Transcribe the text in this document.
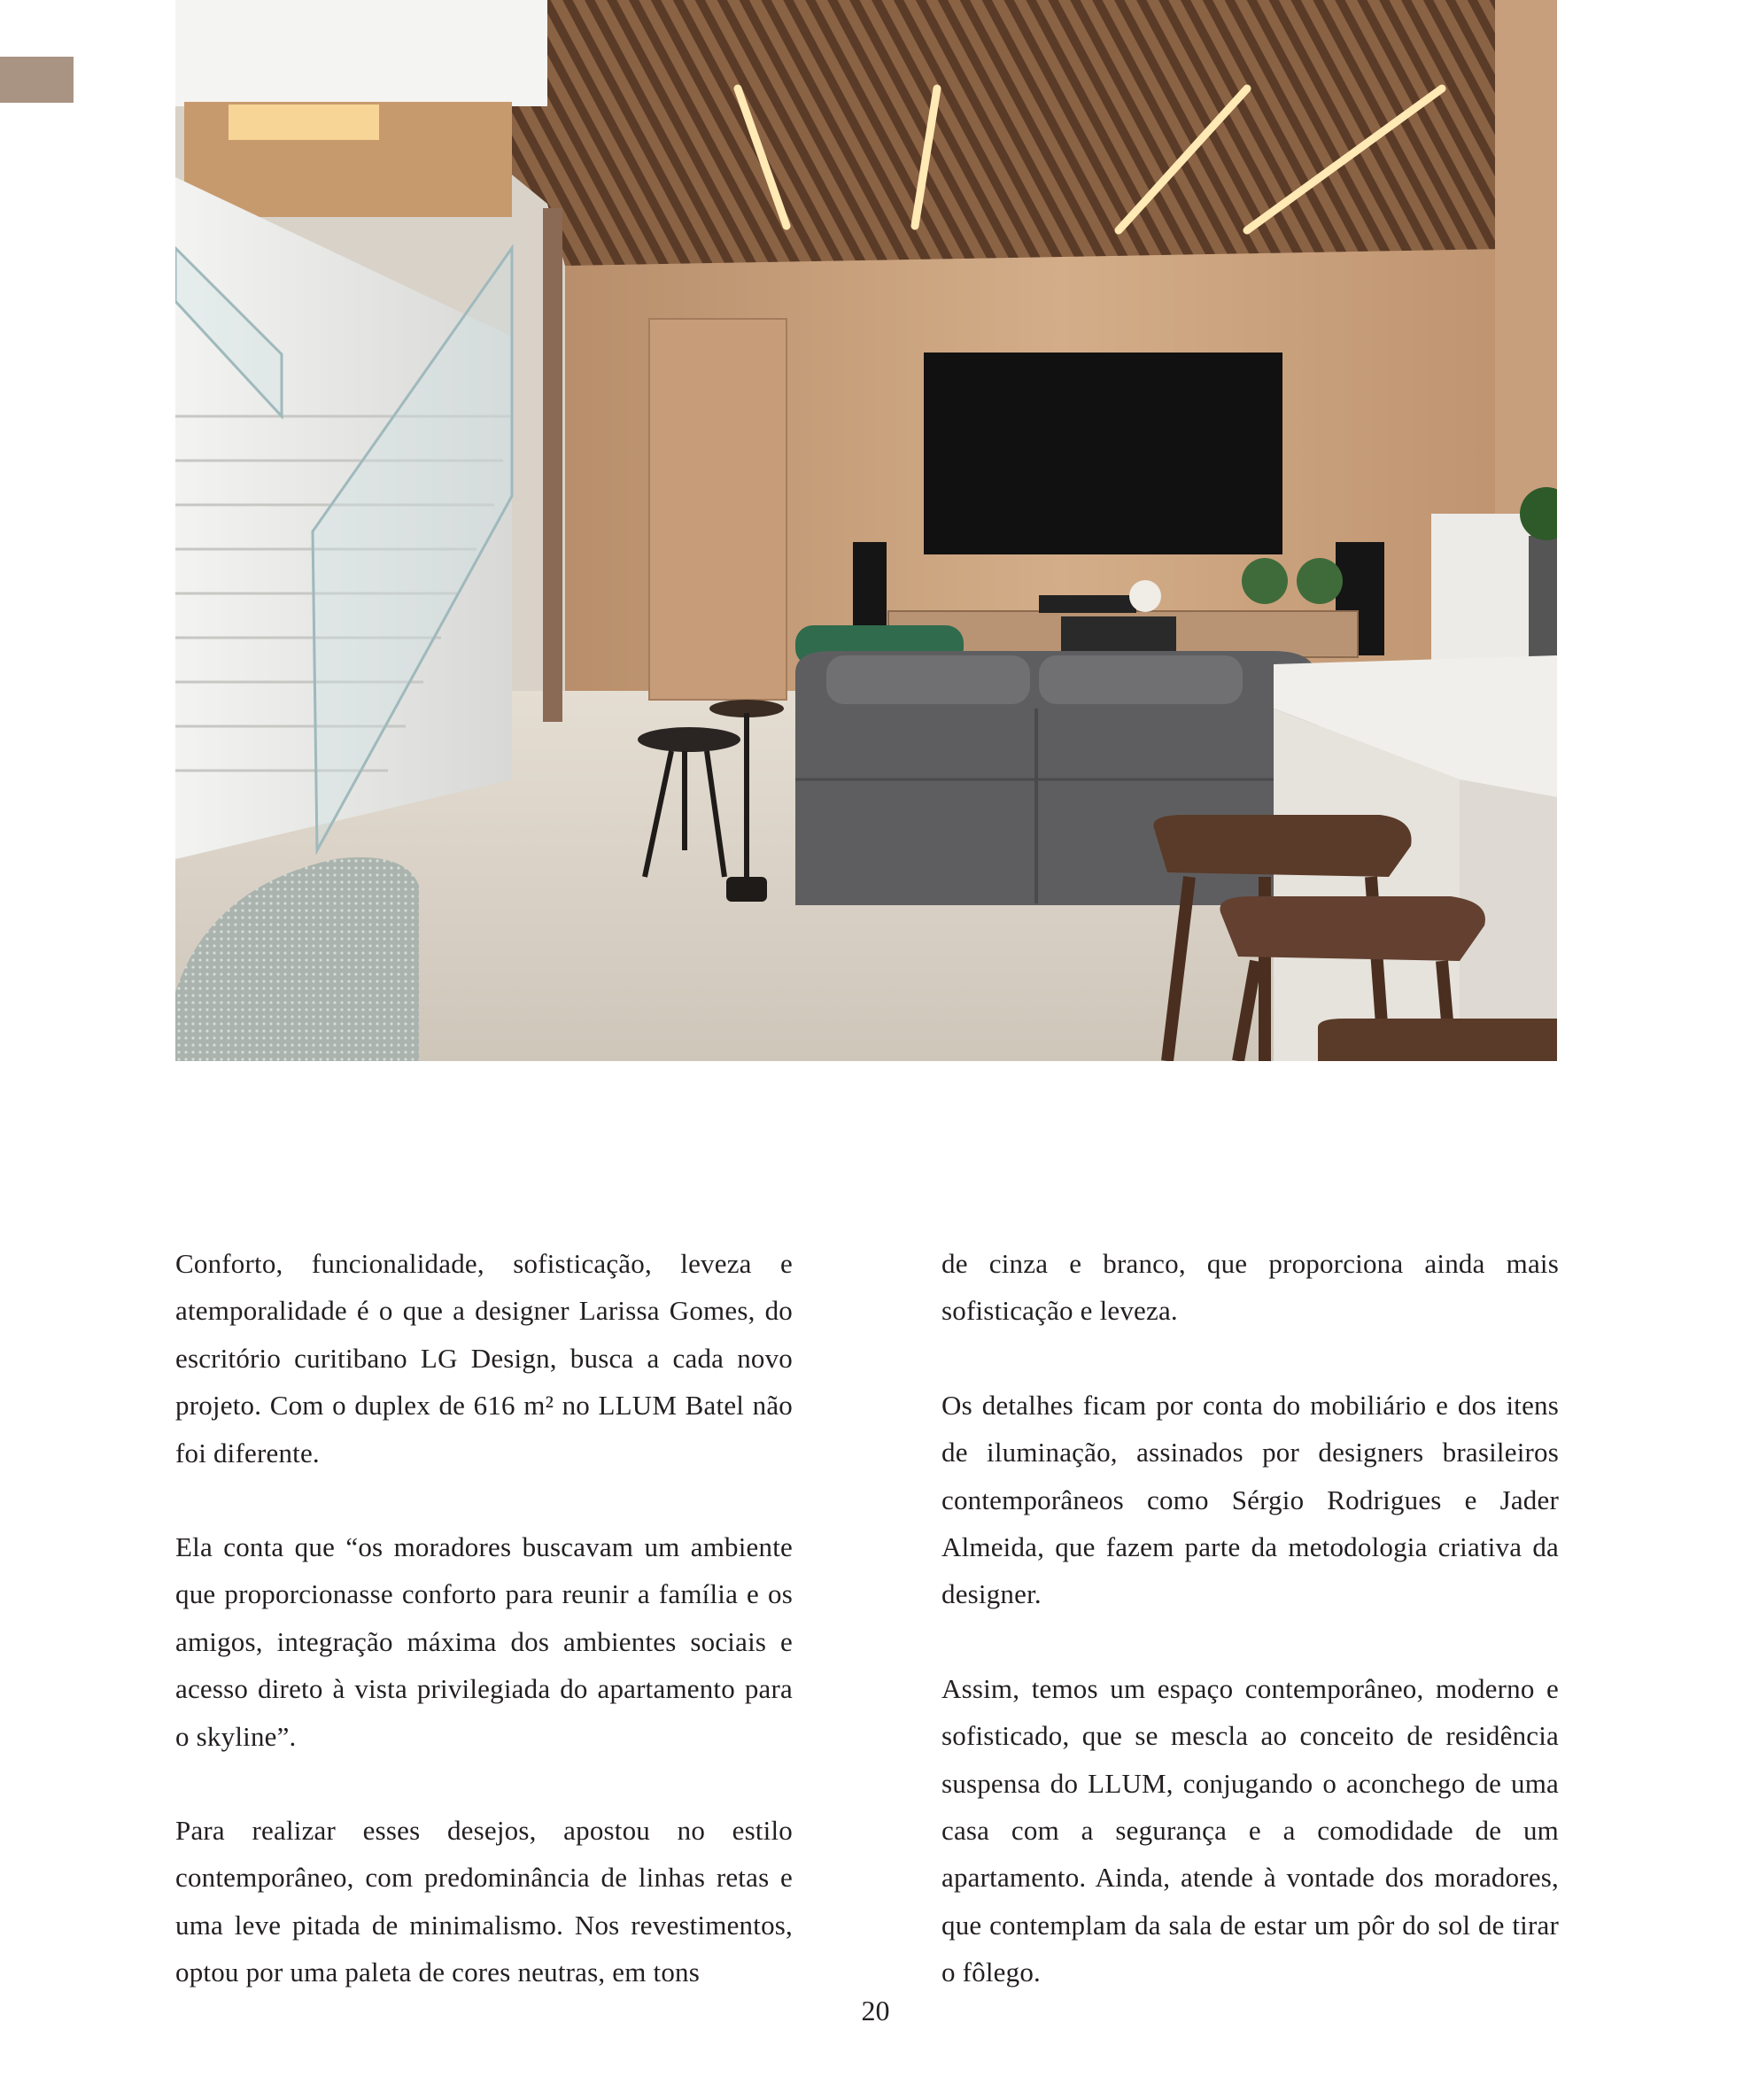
Conforto, funcionalidade, sofisticação, leveza e atemporalidade é o que a designer Larissa Gomes, do escritório curitibano LG Design, busca a cada novo projeto. Com o duplex de 616 m² no LLUM Batel não foi diferente.

Ela conta que “os moradores buscavam um ambiente que proporcionasse conforto para reunir a família e os amigos, integração máxima dos ambientes sociais e acesso direto à vista privilegiada do apartamento para o skyline”.

Para realizar esses desejos, apostou no estilo contemporâneo, com predominância de linhas retas e uma leve pitada de minimalismo. Nos revestimentos, optou por uma paleta de cores neutras, em tons

de cinza e branco, que proporciona ainda mais sofisticação e leveza.

Os detalhes ficam por conta do mobiliário e dos itens de iluminação, assinados por designers brasileiros contemporâneos como Sérgio Rodrigues e Jader Almeida, que fazem parte da metodologia criativa da designer.

Assim, temos um espaço contemporâneo, moderno e sofisticado, que se mescla ao conceito de residência suspensa do LLUM, conjugando o aconchego de uma casa com a segurança e a comodidade de um apartamento. Ainda, atende à vontade dos moradores, que contemplam da sala de estar um pôr do sol de tirar o fôlego.

20
